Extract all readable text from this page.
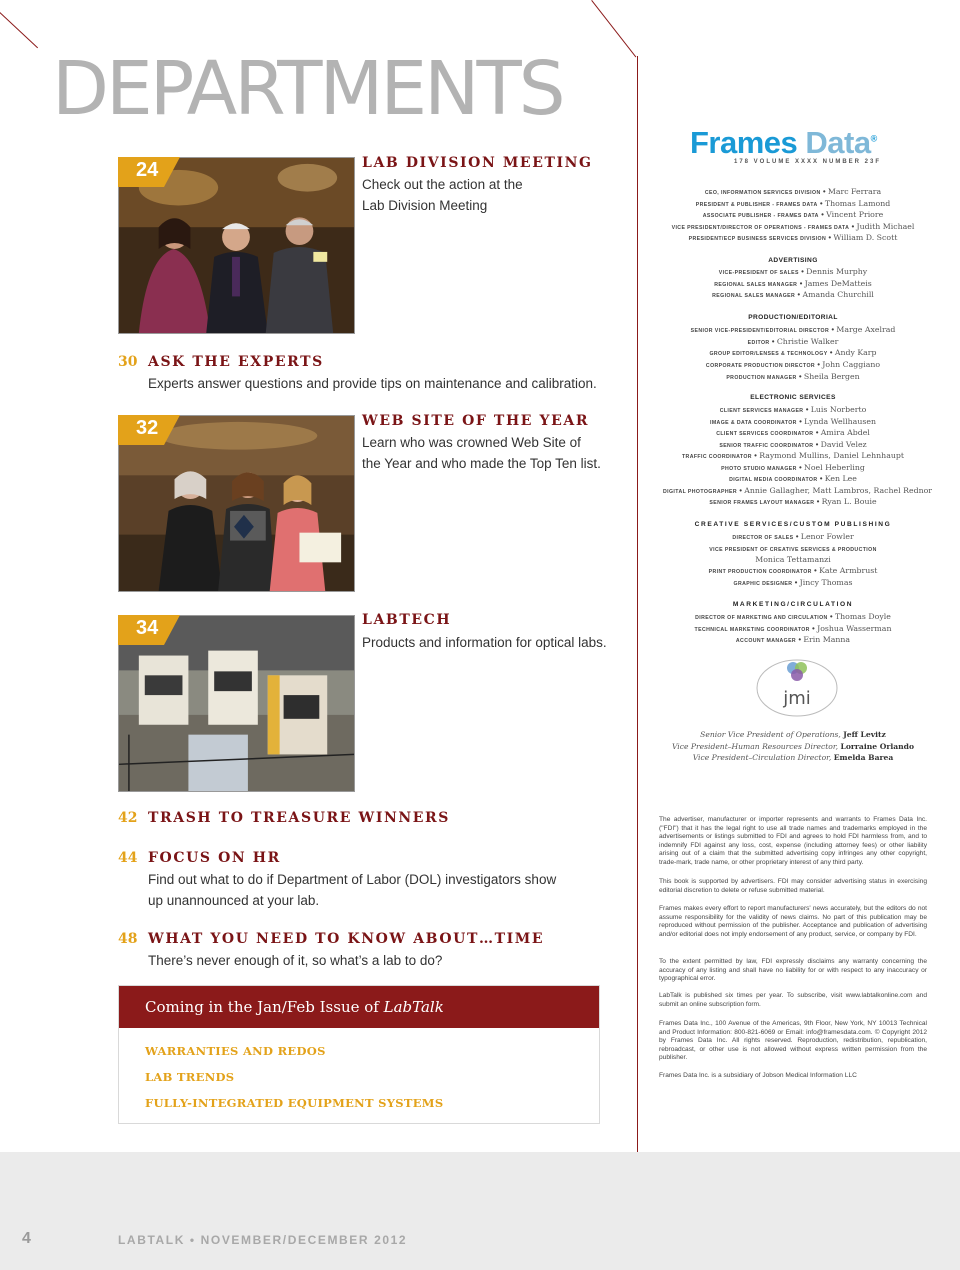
DEPARTMENTS
24	LAB DIVISION MEETING
Check out the action at the
Lab Division Meeting
30 ASK THE EXPERTS
Experts answer questions and provide tips on maintenance and calibration.
32	WEB SITE OF THE YEAR
Learn who was crowned Web Site of
the Year and who made the Top Ten list.
34	LABTECH
Products and information for optical labs.
42 TRASH TO TREASURE WINNERS
44 FOCUS ON HR
Find out what to do if Department of Labor (DOL) investigators show
up unannounced at your lab.
48 WHAT YOU NEED TO KNOW ABOUT…TIME
There’s never enough of it, so what’s a lab to do?
Coming in the Jan/Feb Issue of LabTalk
WARRANTIES AND REDOS
LAB TRENDS
FULLY-INTEGRATED EQUIPMENT SYSTEMS
Frames Data®
178 VOLUME XXXX NUMBER 23F
jmi
4	LABTALK • NOVEMBER/DECEMBER 2012
CEO, INFORMATION SERVICES DIVISION • Marc Ferrara
PRESIDENT & PUBLISHER - FRAMES DATA • Thomas Lamond
ASSOCIATE PUBLISHER - FRAMES DATA • Vincent Priore
VICE PRESIDENT/DIRECTOR OF OPERATIONS - FRAMES DATA • Judith Michael
PRESIDENT/ECP BUSINESS SERVICES DIVISION • William D. Scott
ADVERTISING
VICE-PRESIDENT OF SALES • Dennis Murphy
REGIONAL SALES MANAGER • James DeMatteis
REGIONAL SALES MANAGER • Amanda Churchill
PRODUCTION/EDITORIAL
SENIOR VICE-PRESIDENT/EDITORIAL DIRECTOR • Marge Axelrad
EDITOR • Christie Walker
GROUP EDITOR/LENSES & TECHNOLOGY • Andy Karp
CORPORATE PRODUCTION DIRECTOR • John Caggiano
PRODUCTION MANAGER • Sheila Bergen
ELECTRONIC SERVICES
CLIENT SERVICES MANAGER • Luis Norberto
IMAGE & DATA COORDINATOR • Lynda Wellhausen
CLIENT SERVICES COORDINATOR • Amira Abdel
SENIOR TRAFFIC COORDINATOR • David Velez
TRAFFIC COORDINATOR • Raymond Mullins, Daniel Lehnhaupt
PHOTO STUDIO MANAGER • Noel Heberling
DIGITAL MEDIA COORDINATOR • Ken Lee
DIGITAL PHOTOGRAPHER • Annie Gallagher, Matt Lambros, Rachel Rednor
SENIOR FRAMES LAYOUT MANAGER • Ryan L. Bouie
CREATIVE SERVICES/CUSTOM PUBLISHING
DIRECTOR OF SALES • Lenor Fowler
VICE PRESIDENT OF CREATIVE SERVICES & PRODUCTION
Monica Tettamanzi
PRINT PRODUCTION COORDINATOR • Kate Armbrust
GRAPHIC DESIGNER • Jincy Thomas
MARKETING/CIRCULATION
DIRECTOR OF MARKETING AND CIRCULATION • Thomas Doyle
TECHNICAL MARKETING COORDINATOR • Joshua Wasserman
ACCOUNT MANAGER • Erin Manna
Senior Vice President of Operations, Jeff Levitz
Vice President–Human Resources Director, Lorraine Orlando
Vice President–Circulation Director, Emelda Barea
The advertiser, manufacturer or importer represents and warrants to Frames Data Inc. ("FDI") that it has the legal right to use all trade names and trademarks employed in the advertisements or listings submitted to FDI and agrees to hold FDI harmless from, and to indemnify FDI against any loss, cost, expense (including attorney fees) or other liability arising out of a claim that the submitted advertising copy infringes any other copyright, trade-mark, trade name, or other proprietary interest of any third party.
This book is supported by advertisers. FDI may consider advertising status in exercising editorial discretion to delete or refuse submitted material.
Frames makes every effort to report manufacturers' news accurately, but the editors do not assume responsibility for the validity of news claims. No part of this publication may be reproduced without permission of the publisher. Acceptance and publication of advertising and/or editorial does not imply endorsement of any product, service, or company by FDI.
To the extent permitted by law, FDI expressly disclaims any warranty concerning the accuracy of any listing and shall have no liability for or with respect to any inaccuracy or typographical error.
LabTalk is published six times per year. To subscribe, visit www.labtalkonline.com and submit an online subscription form.
Frames Data Inc., 100 Avenue of the Americas, 9th Floor, New York, NY 10013 Technical and Product Information: 800-821-6069 or Email: info@framesdata.com. © Copyright 2012 by Frames Data Inc. All rights reserved. Reproduction, redistribution, republication, rebroadcast, or other use is not allowed without express written permission from the publisher.
Frames Data Inc. is a subsidiary of Jobson Medical Information LLC
